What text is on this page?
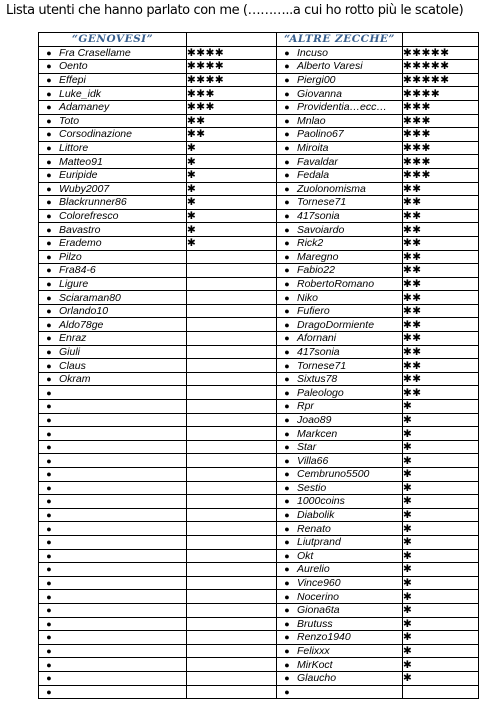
Lista utenti che hanno parlato con me (………..a cui ho rotto più le scatole)
“GENOVESI”		“ALTRE ZECCHE”	
● Fra Crasellame	✱✱✱✱	● Incuso	✱✱✱✱✱
● Oento	✱✱✱✱	● Alberto Varesi	✱✱✱✱✱
● Effepi	✱✱✱✱	● Piergi00	✱✱✱✱✱
● Luke_idk	✱✱✱	● Giovanna	✱✱✱✱
● Adamaney	✱✱✱	● Providentia…ecc…	✱✱✱
● Toto	✱✱	● Mnlao	✱✱✱
● Corsodinazione	✱✱	● Paolino67	✱✱✱
● Littore	✱	● Miroita	✱✱✱
● Matteo91	✱	● Favaldar	✱✱✱
● Euripide	✱	● Fedala	✱✱✱
● Wuby2007	✱	● Zuolonomisma	✱✱
● Blackrunner86	✱	● Tornese71	✱✱
● Colorefresco	✱	● 417sonia	✱✱
● Bavastro	✱	● Savoiardo	✱✱
● Erademo	✱	● Rick2	✱✱
● Pilzo		● Maregno	✱✱
● Fra84-6		● Fabio22	✱✱
● Ligure		● RobertoRomano	✱✱
● Sciaraman80		● Niko	✱✱
● Orlando10		● Fufiero	✱✱
● Aldo78ge		● DragoDormiente	✱✱
● Enraz		● Afornani	✱✱
● Giuli		● 417sonia	✱✱
● Claus		● Tornese71	✱✱
● Okram		● Sixtus78	✱✱
●		● Paleologo	✱✱
●		● Rpr	✱
●		● Joao89	✱
●		● Markcen	✱
●		● Star	✱
●		● Villa66	✱
●		● Cembruno5500	✱
●		● Sestio	✱
●		● 1000coins	✱
●		● Diabolik	✱
●		● Renato	✱
●		● Liutprand	✱
●		● Okt	✱
●		● Aurelio	✱
●		● Vince960	✱
●		● Nocerino	✱
●		● Giona6ta	✱
●		● Brutuss	✱
●		● Renzo1940	✱
●		● Felixxx	✱
●		● MirKoct	✱
●		● Glaucho	✱
●		●	
